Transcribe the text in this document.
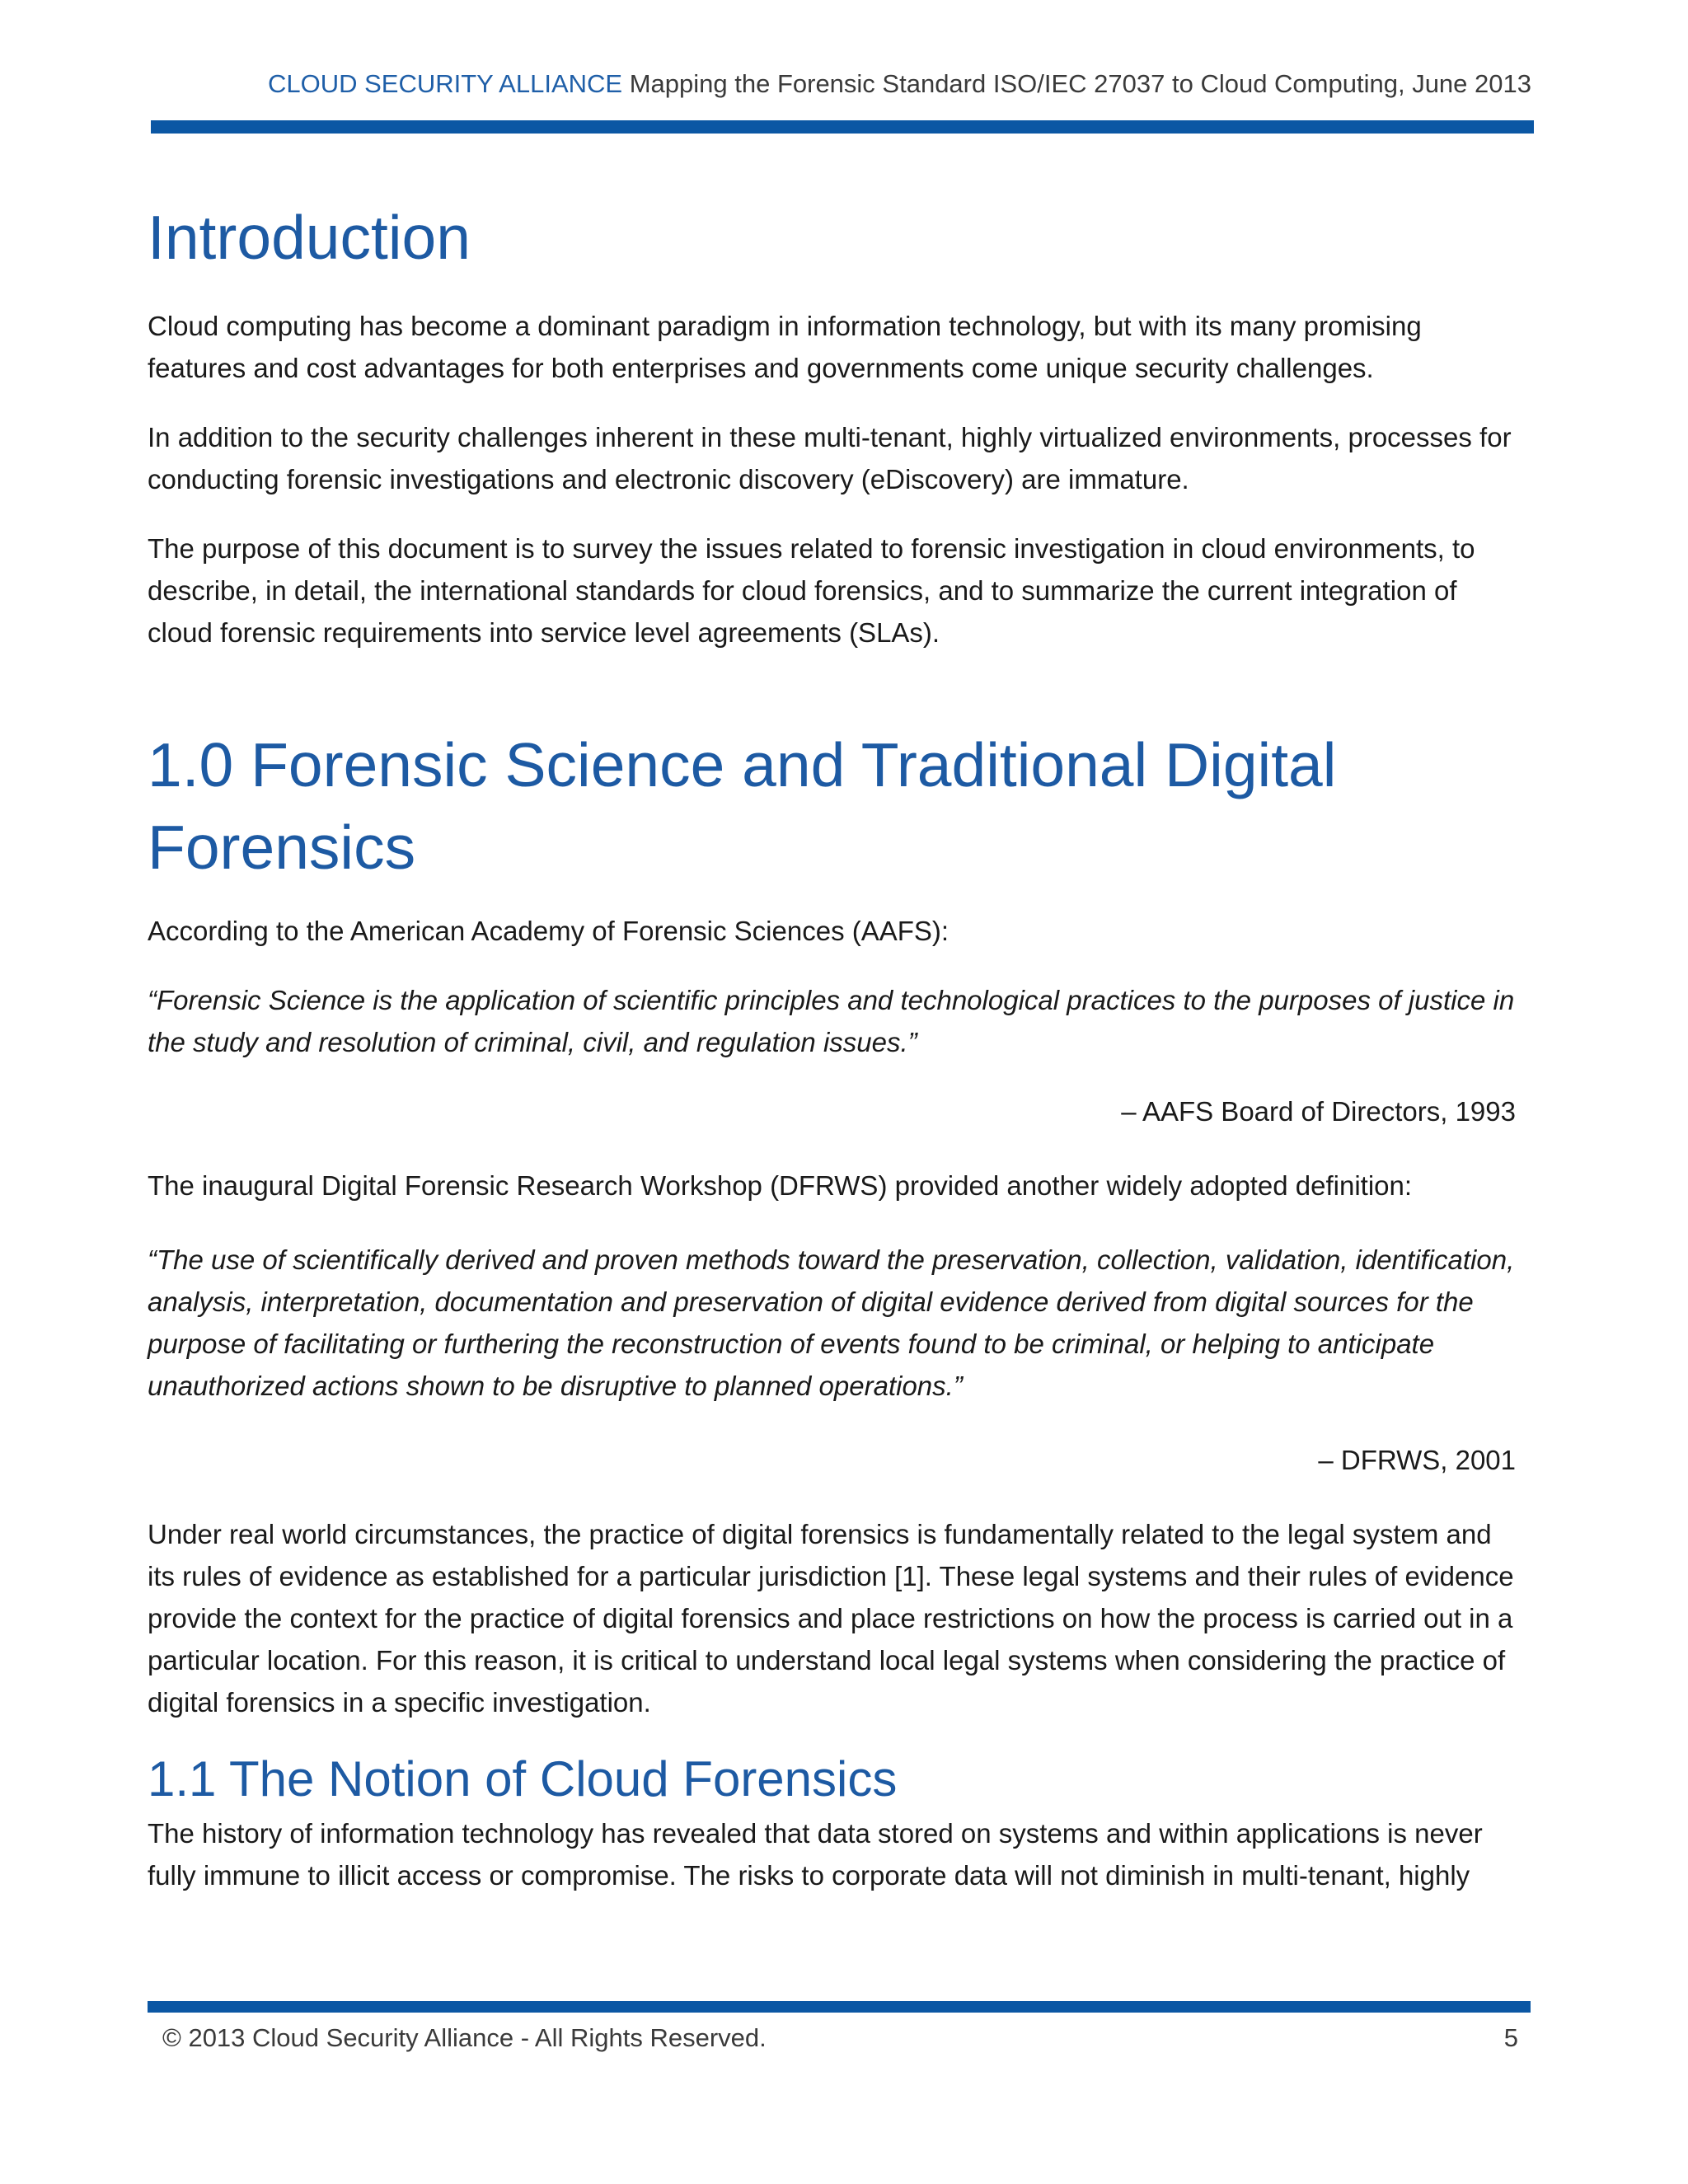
CLOUD SECURITY ALLIANCE Mapping the Forensic Standard ISO/IEC 27037 to Cloud Computing, June 2013
Introduction

Cloud computing has become a dominant paradigm in information technology, but with its many promising features and cost advantages for both enterprises and governments come unique security challenges.

In addition to the security challenges inherent in these multi-tenant, highly virtualized environments, processes for conducting forensic investigations and electronic discovery (eDiscovery) are immature.

The purpose of this document is to survey the issues related to forensic investigation in cloud environments, to describe, in detail, the international standards for cloud forensics, and to summarize the current integration of cloud forensic requirements into service level agreements (SLAs).

1.0 Forensic Science and Traditional Digital Forensics

According to the American Academy of Forensic Sciences (AAFS):

“Forensic Science is the application of scientific principles and technological practices to the purposes of justice in the study and resolution of criminal, civil, and regulation issues.”

– AAFS Board of Directors, 1993

The inaugural Digital Forensic Research Workshop (DFRWS) provided another widely adopted definition:

“The use of scientifically derived and proven methods toward the preservation, collection, validation, identification, analysis, interpretation, documentation and preservation of digital evidence derived from digital sources for the purpose of facilitating or furthering the reconstruction of events found to be criminal, or helping to anticipate unauthorized actions shown to be disruptive to planned operations.”

– DFRWS, 2001

Under real world circumstances, the practice of digital forensics is fundamentally related to the legal system and its rules of evidence as established for a particular jurisdiction [1]. These legal systems and their rules of evidence provide the context for the practice of digital forensics and place restrictions on how the process is carried out in a particular location. For this reason, it is critical to understand local legal systems when considering the practice of digital forensics in a specific investigation.

1.1 The Notion of Cloud Forensics

The history of information technology has revealed that data stored on systems and within applications is never fully immune to illicit access or compromise. The risks to corporate data will not diminish in multi-tenant, highly

© 2013 Cloud Security Alliance - All Rights Reserved.	5
